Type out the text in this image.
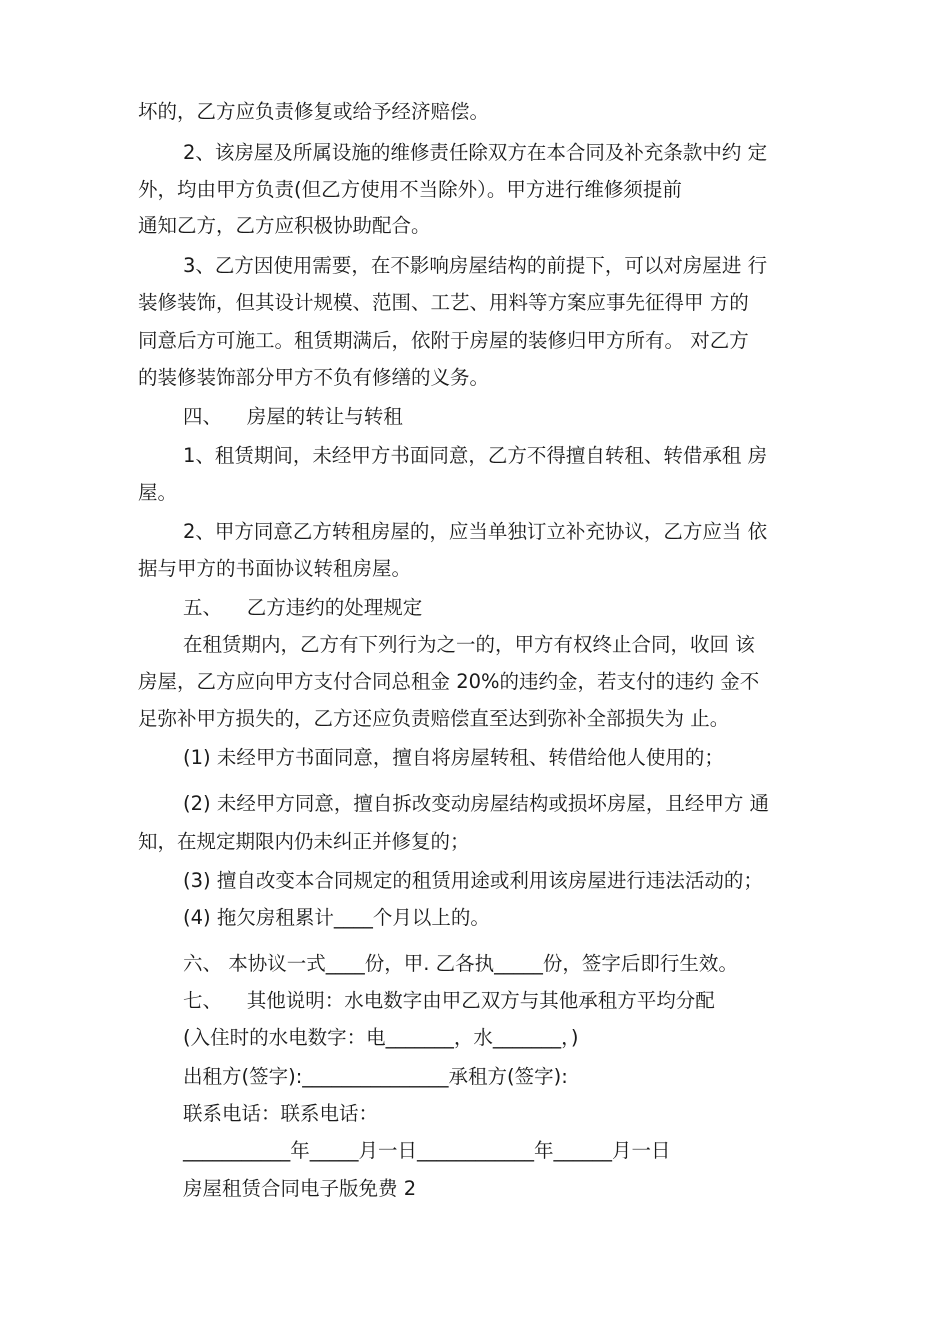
坏的，乙方应负责修复或给予经济赔偿。

2、该房屋及所属设施的维修责任除双方在本合同及补充条款中约 定

外，均由甲方负责(但乙方使用不当除外）。甲方进行维修须提前

通知乙方，乙方应积极协助配合。

3、乙方因使用需要，在不影响房屋结构的前提下，可以对房屋进 行

装修装饰，但其设计规模、范围、工艺、用料等方案应事先征得甲 方的

同意后方可施工。租赁期满后，依附于房屋的装修归甲方所有。 对乙方

的装修装饰部分甲方不负有修缮的义务。

四、    房屋的转让与转租

1、租赁期间，未经甲方书面同意，乙方不得擅自转租、转借承租 房

屋。

2、甲方同意乙方转租房屋的，应当单独订立补充协议，乙方应当 依

据与甲方的书面协议转租房屋。

五、    乙方违约的处理规定

在租赁期内，乙方有下列行为之一的，甲方有权终止合同，收回 该

房屋，乙方应向甲方支付合同总租金 20%的违约金，若支付的违约 金不

足弥补甲方损失的，乙方还应负责赔偿直至达到弥补全部损失为 止。

(1) 未经甲方书面同意，擅自将房屋转租、转借给他人使用的；

(2) 未经甲方同意，擅自拆改变动房屋结构或损坏房屋，且经甲方 通

知，在规定期限内仍未纠正并修复的；

(3) 擅自改变本合同规定的租赁用途或利用该房屋进行违法活动的；

(4) 拖欠房租累计____个月以上的。

六、 本协议一式____份，甲. 乙各执_____份，签字后即行生效。

七、    其他说明：水电数字由甲乙双方与其他承租方平均分配

(入住时的水电数字：电_______，水_______，)

出租方(签字):_______________承租方(签字):

联系电话：联系电话：

___________年_____月一日____________年______月一日

房屋租赁合同电子版免费 2
